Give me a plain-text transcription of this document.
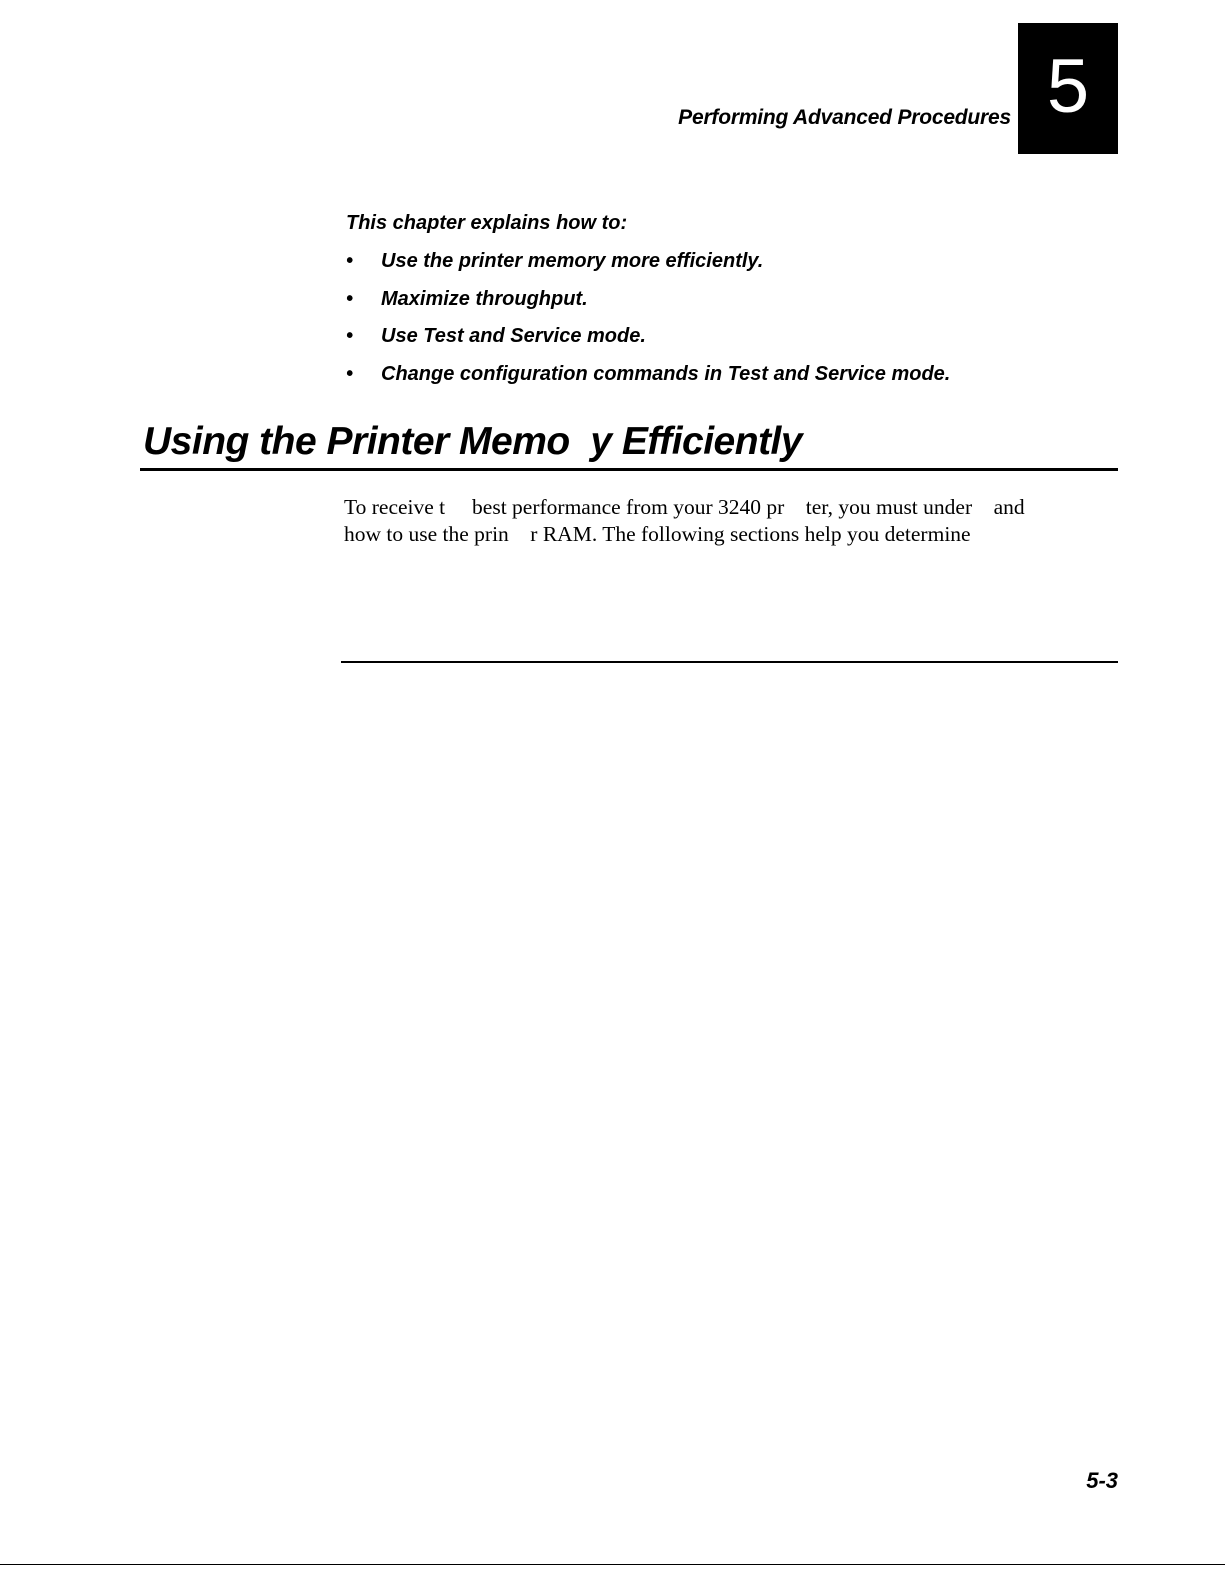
Performing Advanced Procedures 5
This chapter explains how to:
• Use the printer memory more efficiently.
• Maximize throughput.
• Use Test and Service mode.
• Change configuration commands in Test and Service mode.
Using the Printer Memo  y Efficiently
To receive t     best performance from your 3240 pr    ter, you must under    and
how to use the prin    r RAM. The following sections help you determine
5-3
